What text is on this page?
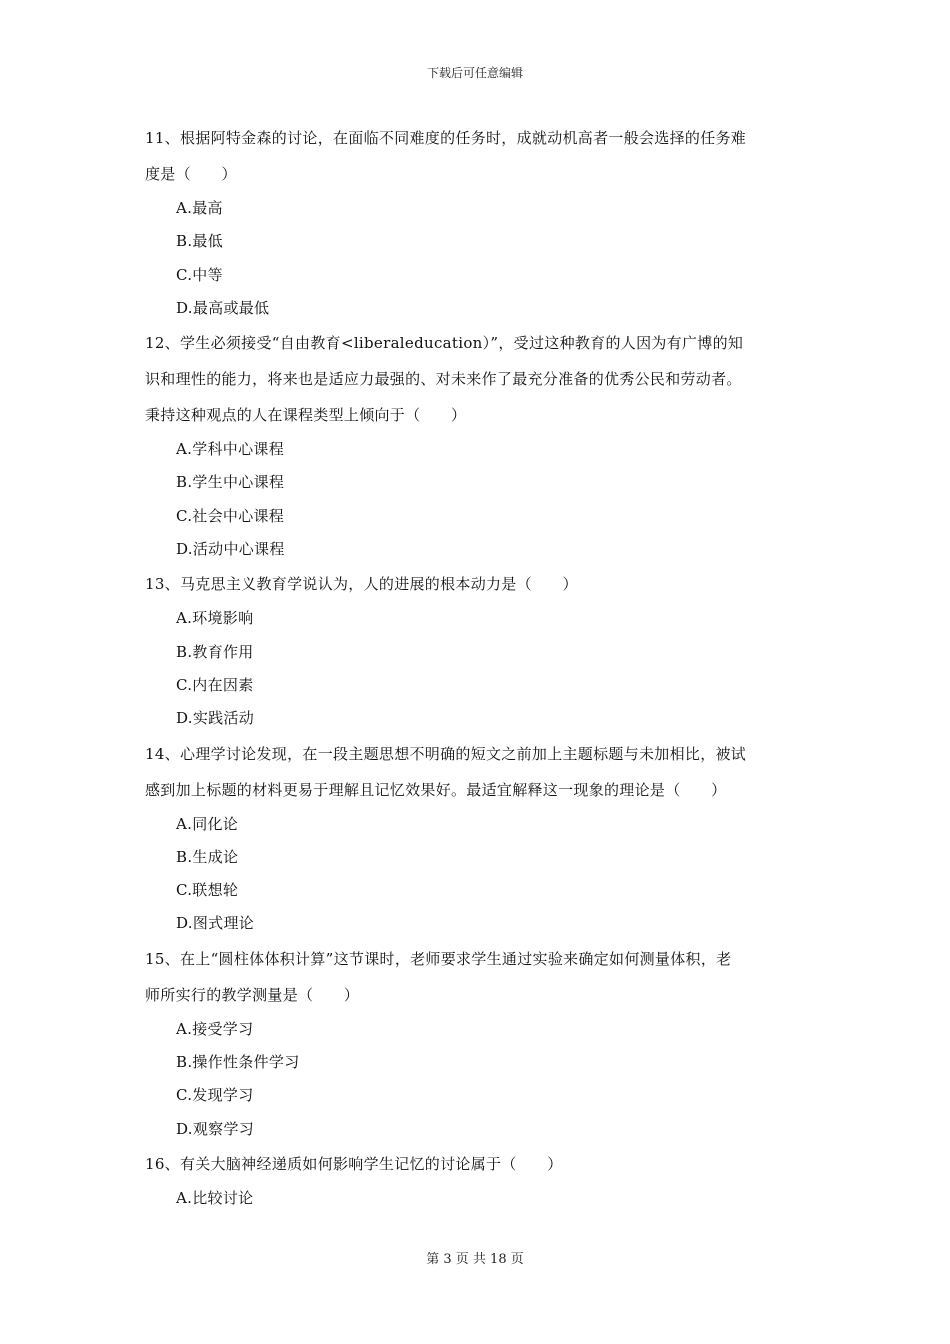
下载后可任意编辑
11、根据阿特金森的讨论，在面临不同难度的任务时，成就动机高者一般会选择的任务难
度是（　　）
A.最高
B.最低
C.中等
D.最高或最低
12、学生必须接受“自由教育<liberaleducation）”，受过这种教育的人因为有广博的知
识和理性的能力，将来也是适应力最强的、对未来作了最充分准备的优秀公民和劳动者。
秉持这种观点的人在课程类型上倾向于（　　）
A.学科中心课程
B.学生中心课程
C.社会中心课程
D.活动中心课程
13、马克思主义教育学说认为，人的进展的根本动力是（　　）
A.环境影响
B.教育作用
C.内在因素
D.实践活动
14、心理学讨论发现，在一段主题思想不明确的短文之前加上主题标题与未加相比，被试
感到加上标题的材料更易于理解且记忆效果好。最适宜解释这一现象的理论是（　　）
A.同化论
B.生成论
C.联想轮
D.图式理论
15、在上“圆柱体体积计算”这节课时，老师要求学生通过实验来确定如何测量体积，老
师所实行的教学测量是（　　）
A.接受学习
B.操作性条件学习
C.发现学习
D.观察学习
16、有关大脑神经递质如何影响学生记忆的讨论属于（　　）
A.比较讨论
第 3 页 共 18 页
